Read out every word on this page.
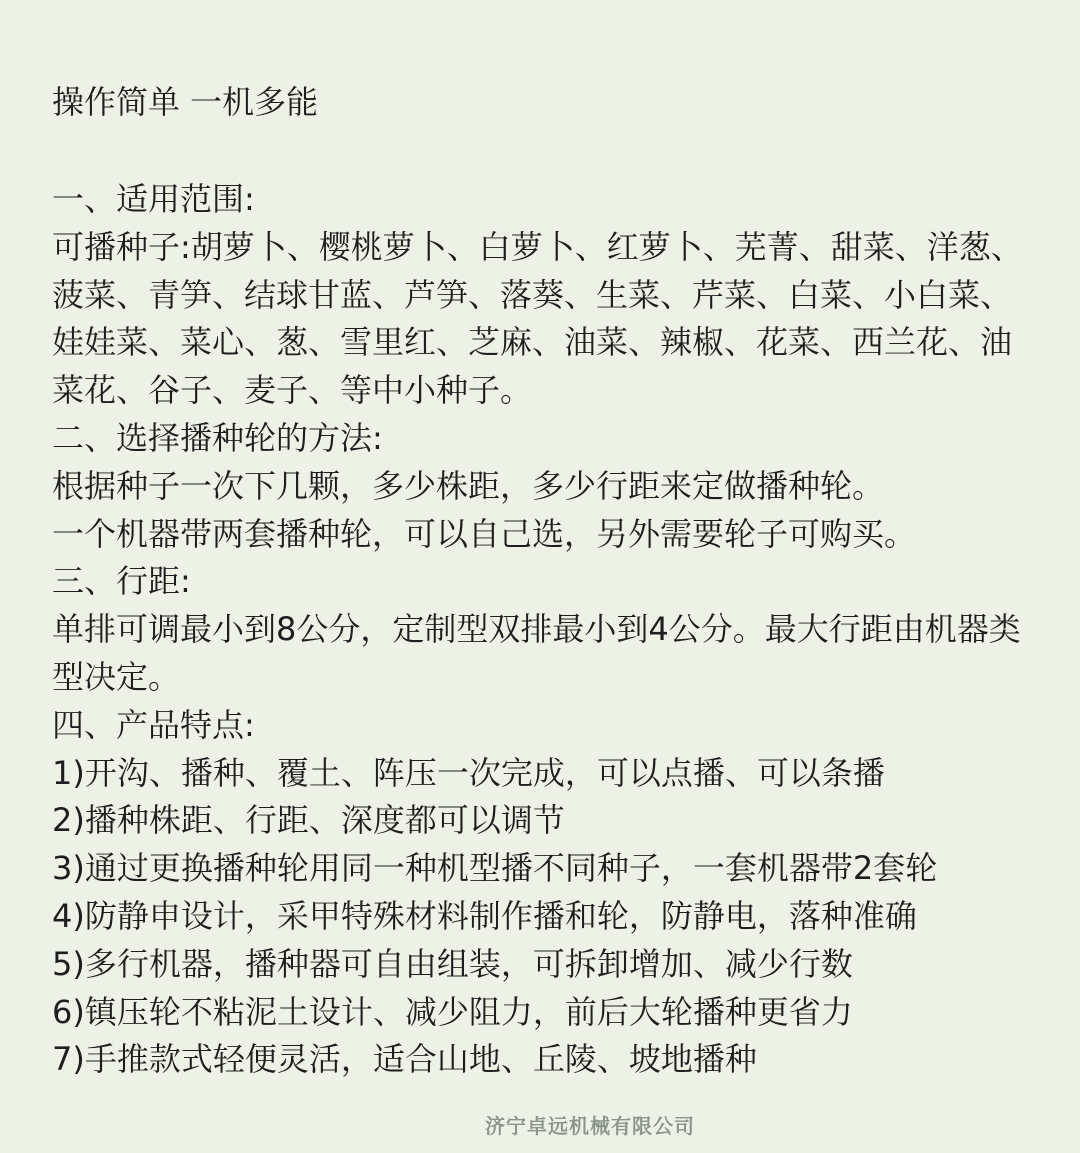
操作简单 一机多能

一、适用范围:

可播种子:胡萝卜、樱桃萝卜、白萝卜、红萝卜、芜菁、甜菜、洋葱、菠菜、青笋、结球甘蓝、芦笋、落葵、生菜、芹菜、白菜、小白菜、娃娃菜、菜心、葱、雪里红、芝麻、油菜、辣椒、花菜、西兰花、油菜花、谷子、麦子、等中小种子。

二、选择播种轮的方法:

根据种子一次下几颗，多少株距，多少行距来定做播种轮。

一个机器带两套播种轮，可以自己选，另外需要轮子可购买。

三、行距:

单排可调最小到8公分，定制型双排最小到4公分。最大行距由机器类型决定。

四、产品特点:

1)开沟、播种、覆土、阵压一次完成，可以点播、可以条播

2)播种株距、行距、深度都可以调节

3)通过更换播种轮用同一种机型播不同种子，一套机器带2套轮

4)防静申设计，采甲特殊材料制作播和轮，防静电，落种准确

5)多行机器，播种器可自由组装，可拆卸增加、减少行数

6)镇压轮不粘泥土设计、减少阻力，前后大轮播种更省力

7)手推款式轻便灵活，适合山地、丘陵、坡地播种

济宁卓远机械有限公司
